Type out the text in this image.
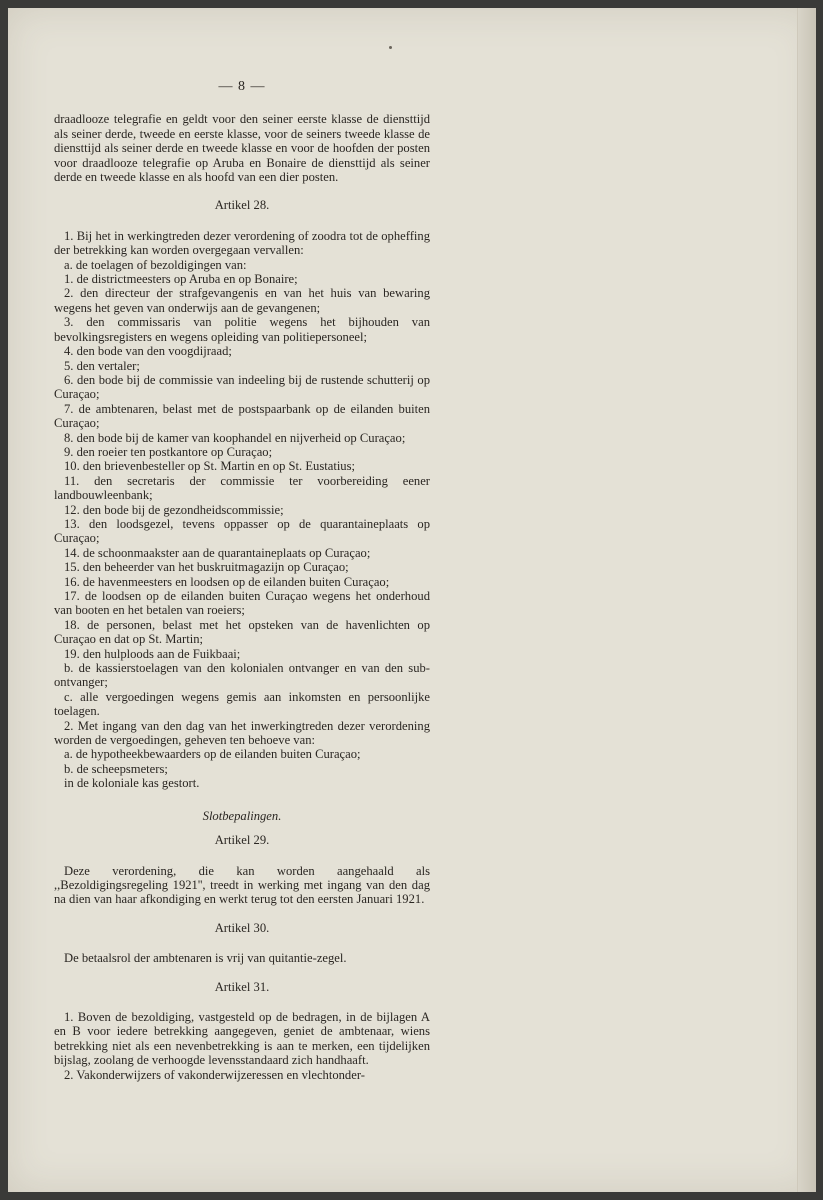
— 8 —

draadlooze telegrafie en geldt voor den seiner eerste klasse de diensttijd als seiner derde, tweede en eerste klasse, voor de seiners tweede klasse de diensttijd als seiner derde en tweede klasse en voor de hoofden der posten voor draadlooze telegrafie op Aruba en Bonaire de diensttijd als seiner derde en tweede klasse en als hoofd van een dier posten.

Artikel 28.

1. Bij het in werkingtreden dezer verordening of zoodra tot de opheffing der betrekking kan worden overgegaan vervallen:

a. de toelagen of bezoldigingen van:

1. de districtmeesters op Aruba en op Bonaire;

2. den directeur der strafgevangenis en van het huis van bewaring wegens het geven van onderwijs aan de gevangenen;

3. den commissaris van politie wegens het bijhouden van bevolkingsregisters en wegens opleiding van politiepersoneel;

4. den bode van den voogdijraad;

5. den vertaler;

6. den bode bij de commissie van indeeling bij de rustende schutterij op Curaçao;

7. de ambtenaren, belast met de postspaarbank op de eilanden buiten Curaçao;

8. den bode bij de kamer van koophandel en nijverheid op Curaçao;

9. den roeier ten postkantore op Curaçao;

10. den brievenbesteller op St. Martin en op St. Eustatius;

11. den secretaris der commissie ter voorbereiding eener landbouwleenbank;

12. den bode bij de gezondheidscommissie;

13. den loodsgezel, tevens oppasser op de quarantaineplaats op Curaçao;

14. de schoonmaakster aan de quarantaineplaats op Curaçao;

15. den beheerder van het buskruitmagazijn op Curaçao;

16. de havenmeesters en loodsen op de eilanden buiten Curaçao;

17. de loodsen op de eilanden buiten Curaçao wegens het onderhoud van booten en het betalen van roeiers;

18. de personen, belast met het opsteken van de havenlichten op Curaçao en dat op St. Martin;

19. den hulploods aan de Fuikbaai;

b. de kassierstoelagen van den kolonialen ontvanger en van den sub-ontvanger;

c. alle vergoedingen wegens gemis aan inkomsten en persoonlijke toelagen.

2. Met ingang van den dag van het inwerkingtreden dezer verordening worden de vergoedingen, geheven ten behoeve van:

a. de hypotheekbewaarders op de eilanden buiten Curaçao;

b. de scheepsmeters;

in de koloniale kas gestort.

Slotbepalingen.
Artikel 29.

Deze verordening, die kan worden aangehaald als ,,Bezoldigingsregeling 1921'', treedt in werking met ingang van den dag na dien van haar afkondiging en werkt terug tot den eersten Januari 1921.

Artikel 30.

De betaalsrol der ambtenaren is vrij van quitantie-zegel.

Artikel 31.

1. Boven de bezoldiging, vastgesteld op de bedragen, in de bijlagen A en B voor iedere betrekking aangegeven, geniet de ambtenaar, wiens betrekking niet als een nevenbetrekking is aan te merken, een tijdelijken bijslag, zoolang de verhoogde levensstandaard zich handhaaft.

2. Vakonderwijzers of vakonderwijzeressen en vlechtonder-
